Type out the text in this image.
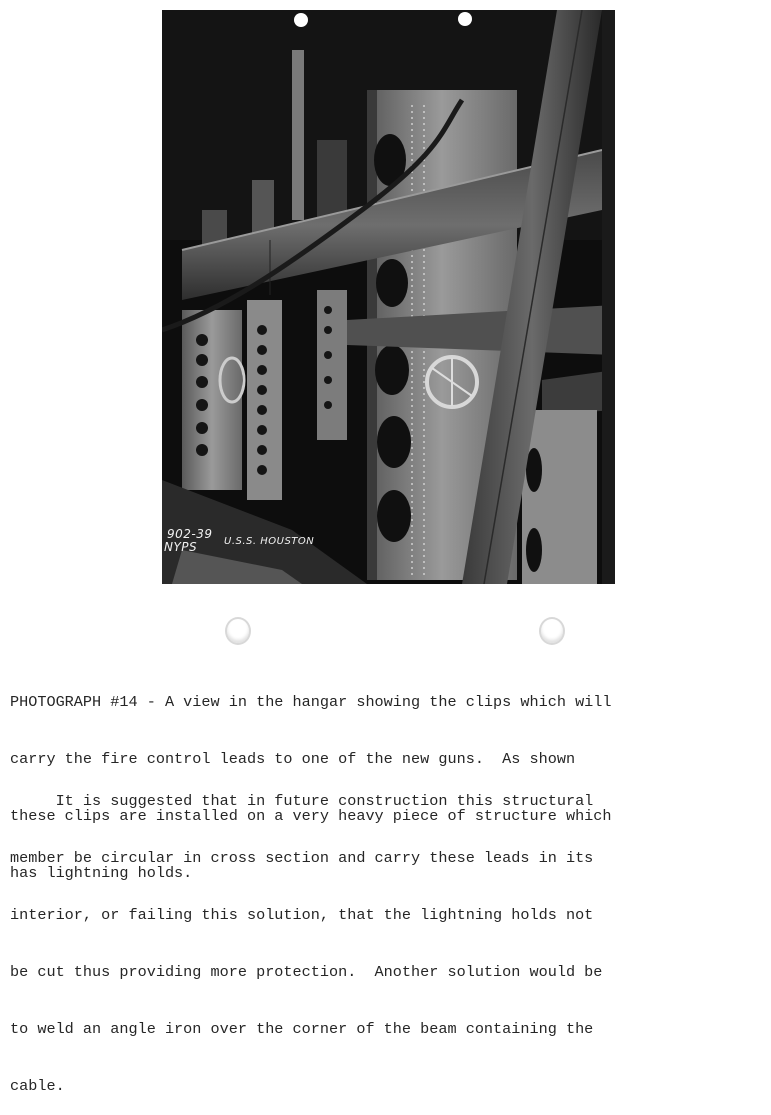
902-39
NYPS	U.S.S. HOUSTON

PHOTOGRAPH #14 - A view in the hangar showing the clips which will

carry the fire control leads to one of the new guns.  As shown

these clips are installed on a very heavy piece of structure which

has lightning holds.

It is suggested that in future construction this structural

member be circular in cross section and carry these leads in its

interior, or failing this solution, that the lightning holds not

be cut thus providing more protection.  Another solution would be

to weld an angle iron over the corner of the beam containing the

cable.
